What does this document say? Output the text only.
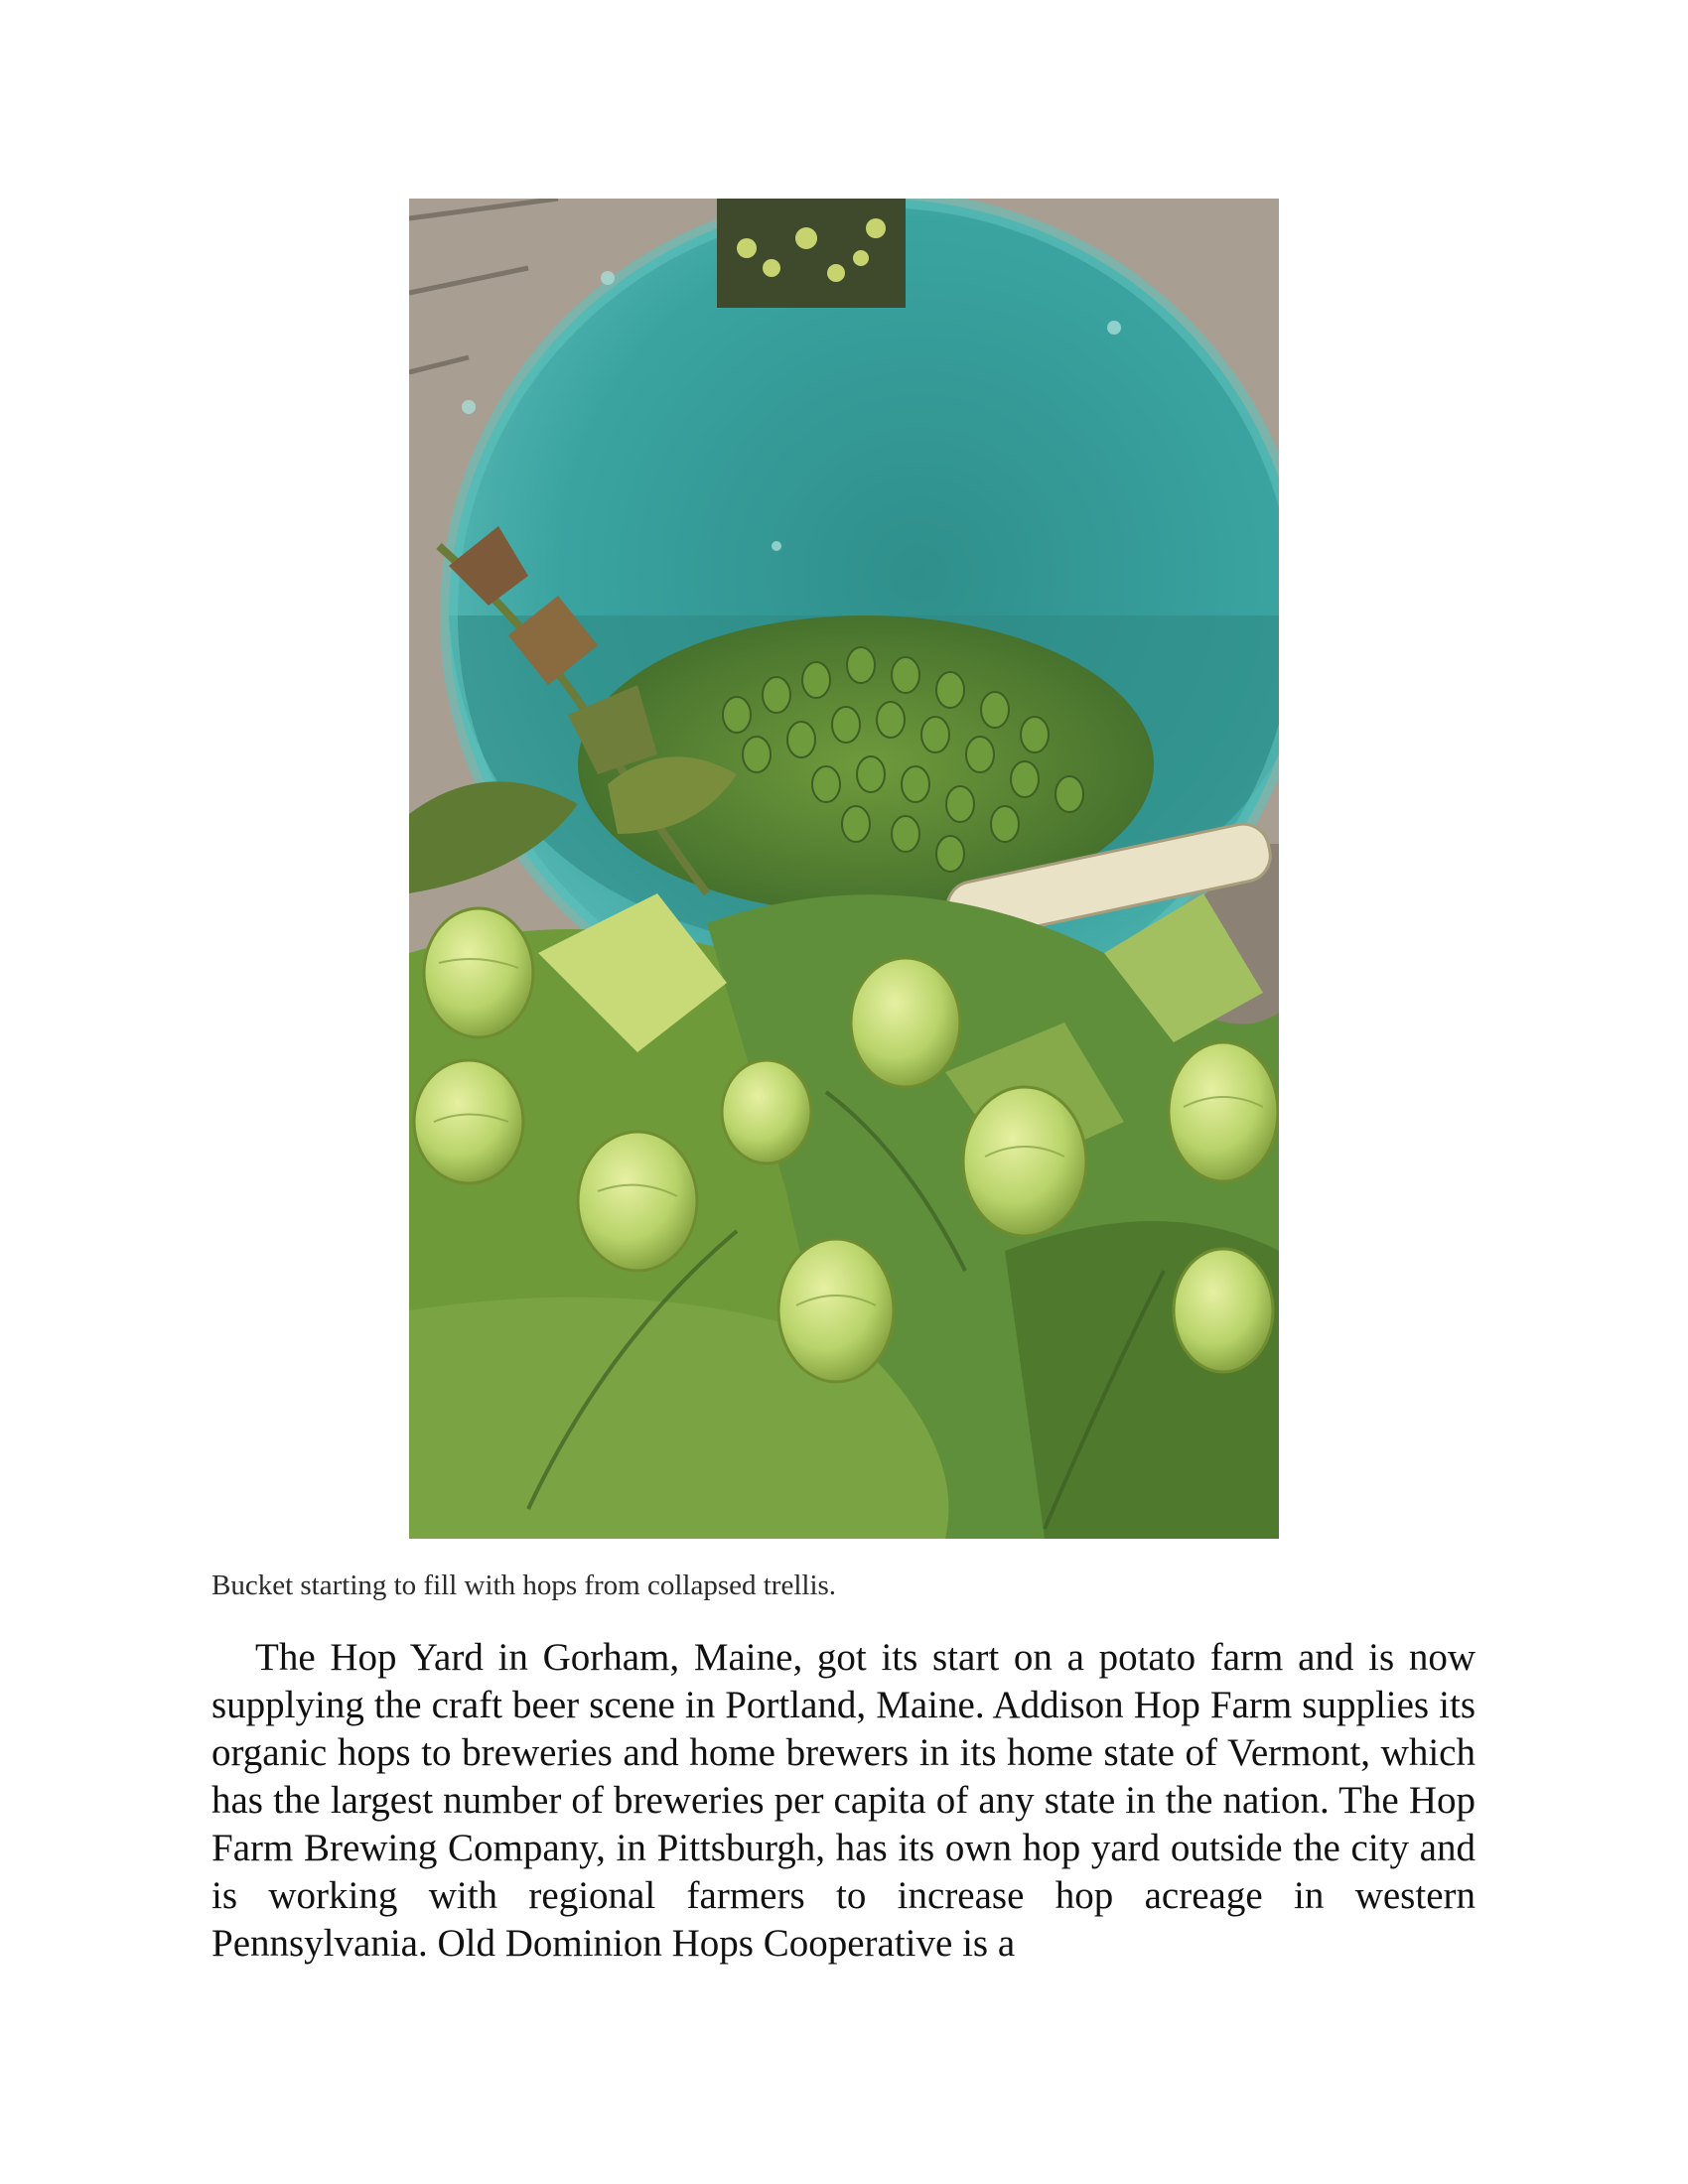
Bucket starting to fill with hops from collapsed trellis.

The Hop Yard in Gorham, Maine, got its start on a potato farm and is now supplying the craft beer scene in Portland, Maine. Addison Hop Farm supplies its organic hops to breweries and home brewers in its home state of Vermont, which has the largest number of breweries per capita of any state in the nation. The Hop Farm Brewing Company, in Pittsburgh, has its own hop yard outside the city and is working with regional farmers to increase hop acreage in western Pennsylvania. Old Dominion Hops Cooperative is a
